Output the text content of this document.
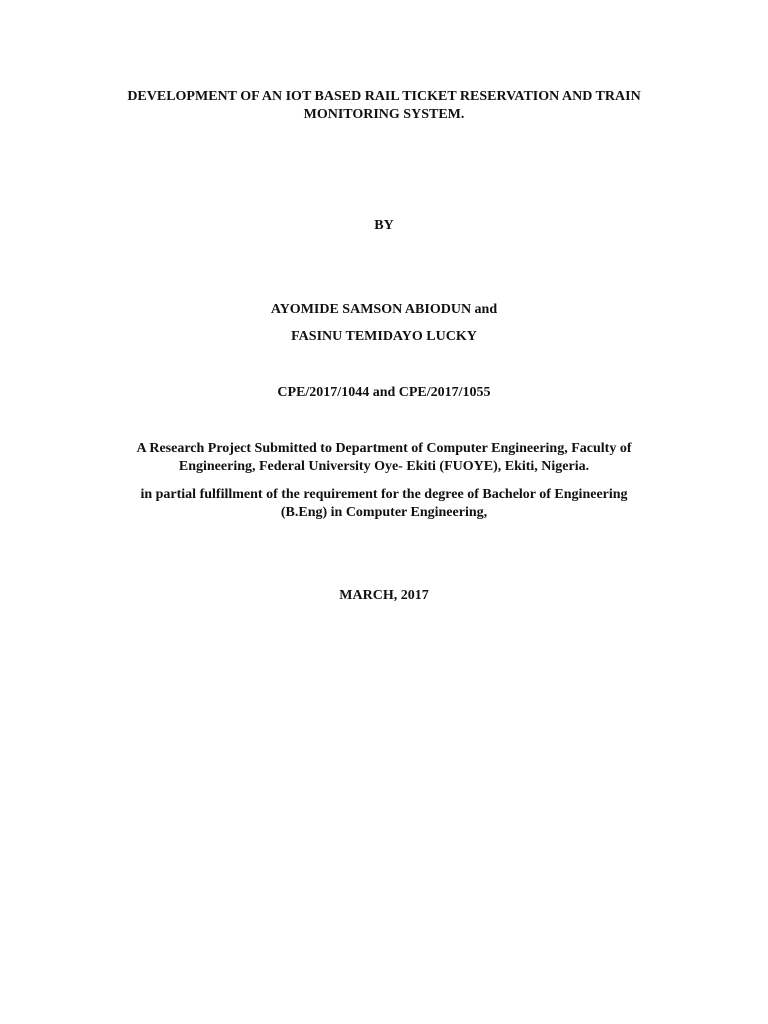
DEVELOPMENT OF AN IOT BASED RAIL TICKET RESERVATION AND TRAIN
MONITORING SYSTEM.
BY
AYOMIDE SAMSON ABIODUN and
FASINU TEMIDAYO LUCKY
CPE/2017/1044 and CPE/2017/1055
A Research Project Submitted to Department of Computer Engineering, Faculty of
Engineering, Federal University Oye- Ekiti (FUOYE), Ekiti, Nigeria.
in partial fulfillment of the requirement for the degree of Bachelor of Engineering
(B.Eng) in Computer Engineering,
MARCH, 2017
